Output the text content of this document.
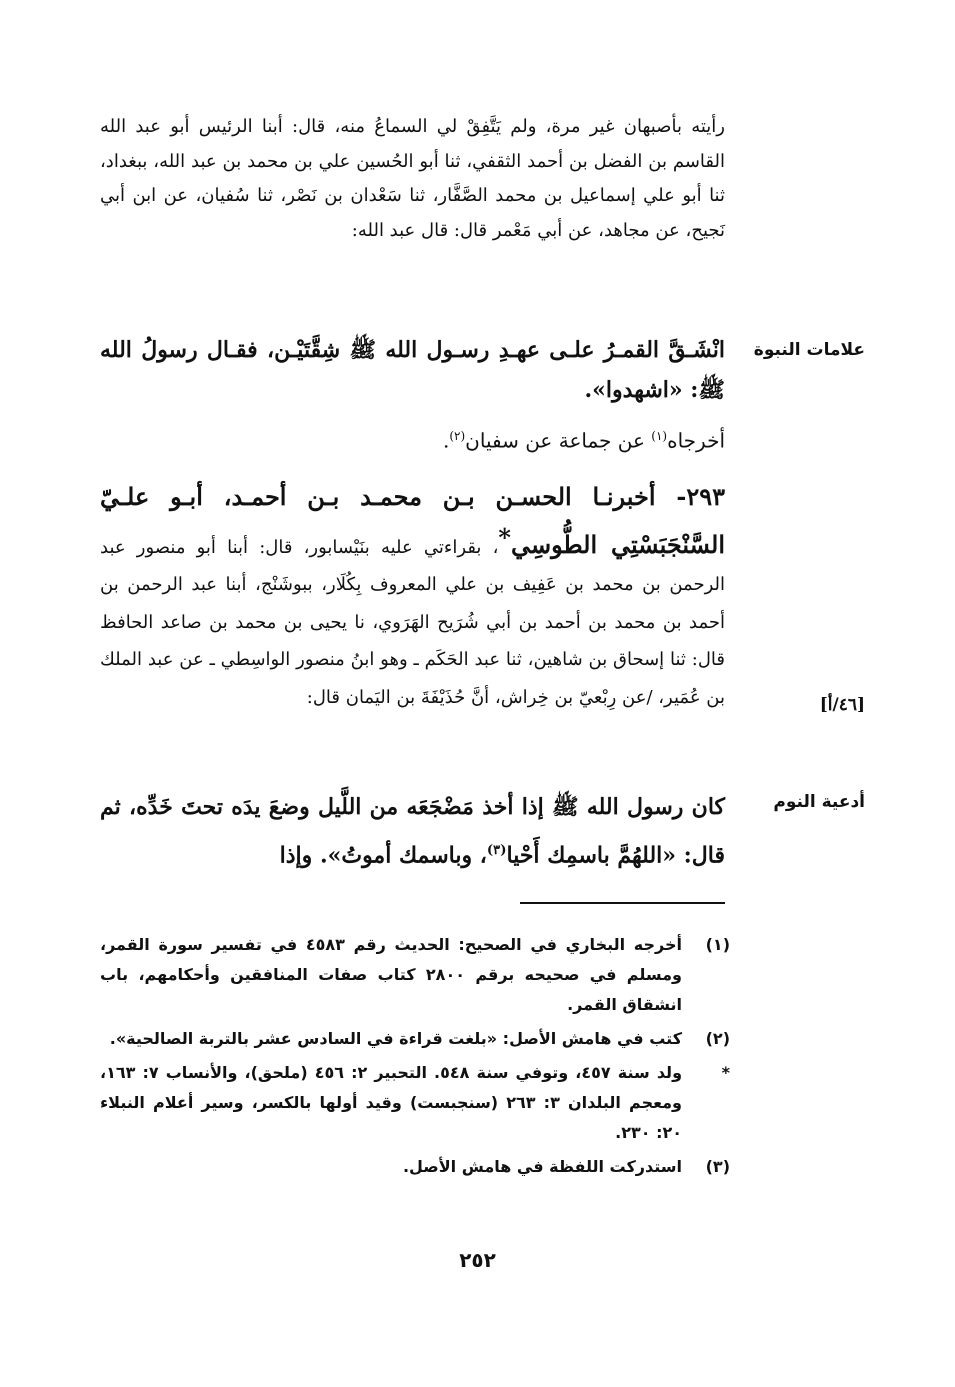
رأيته بأصبهان غير مرة، ولم يَتَّفِقْ لي السماعُ منه، قال: أبنا الرئيس أبو عبد الله القاسم بن الفضل بن أحمد الثقفي، ثنا أبو الحُسين علي بن محمد بن عبد الله، ببغداد، ثنا أبو علي إسماعيل بن محمد الصَّفَّار، ثنا سَعْدان بن نَصْر، ثنا سُفيان، عن ابن أبي نَجيح، عن مجاهد، عن أبي مَعْمر قال: قال عبد الله:
علامات النبوة
انْشَـقَّ القمـرُ علـى عهـدِ رسـول الله ﷺ شِقَّتَيْـن، فقـال رسولُ الله ﷺ: «اشهدوا».
أخرجاه$^{(١)}$ عن جماعة عن سفيان$^{(٢)}$.
٢٩٣- أخبرنـا الحسـن بـن محمـد بـن أحمـد، أبـو علـيّ السَّنْجَبَسْتِي الطُّوسِي*، بقراءتي عليه بنَيْسابور، قال: أبنا أبو منصور عبد الرحمن بن محمد بن عَفِيف بن علي المعروف بِكُلَار، ببوشَنْج، أبنا عبد الرحمن بن أحمد بن محمد بن أحمد بن أبي شُرَيح الهَرَوي، نا يحيى بن محمد بن صاعد الحافظ قال: ثنا إسحاق بن شاهين، ثنا عبد الحَكَم ـ وهو ابنُ منصور الواسِطي ـ عن عبد الملك بن عُمَير، /عن رِبْعيّ بن خِراش، أنَّ حُذَيْفَةَ بن اليَمان قال:	[٤٦/أ]
أدعية النوم
كان رسول الله ﷺ إذا أخذ مَضْجَعَه من اللَّيل وضعَ يدَه تحتَ خَدِّه، ثم قال: «اللهُمَّ باسمِك أَحْيا$^{(٣)}$، وباسمك أموتُ». وإذا
(١)
أخرجه البخاري في الصحيح: الحديث رقم ٤٥٨٣ في تفسير سورة القمر، ومسلم في صحيحه برقم ٢٨٠٠ كتاب صفات المنافقين وأحكامهم، باب انشقاق القمر.
(٢)
كتب في هامش الأصل: «بلغت قراءة في السادس عشر بالتربة الصالحية».
*
ولد سنة ٤٥٧، وتوفي سنة ٥٤٨. التحبير ٢: ٤٥٦ (ملحق)، والأنساب ٧: ١٦٣، ومعجم البلدان ٣: ٢٦٣ (سنجبست) وقيد أولها بالكسر، وسير أعلام النبلاء ٢٠: ٢٣٠.
(٣)
استدركت اللفظة في هامش الأصل.
٢٥٢
